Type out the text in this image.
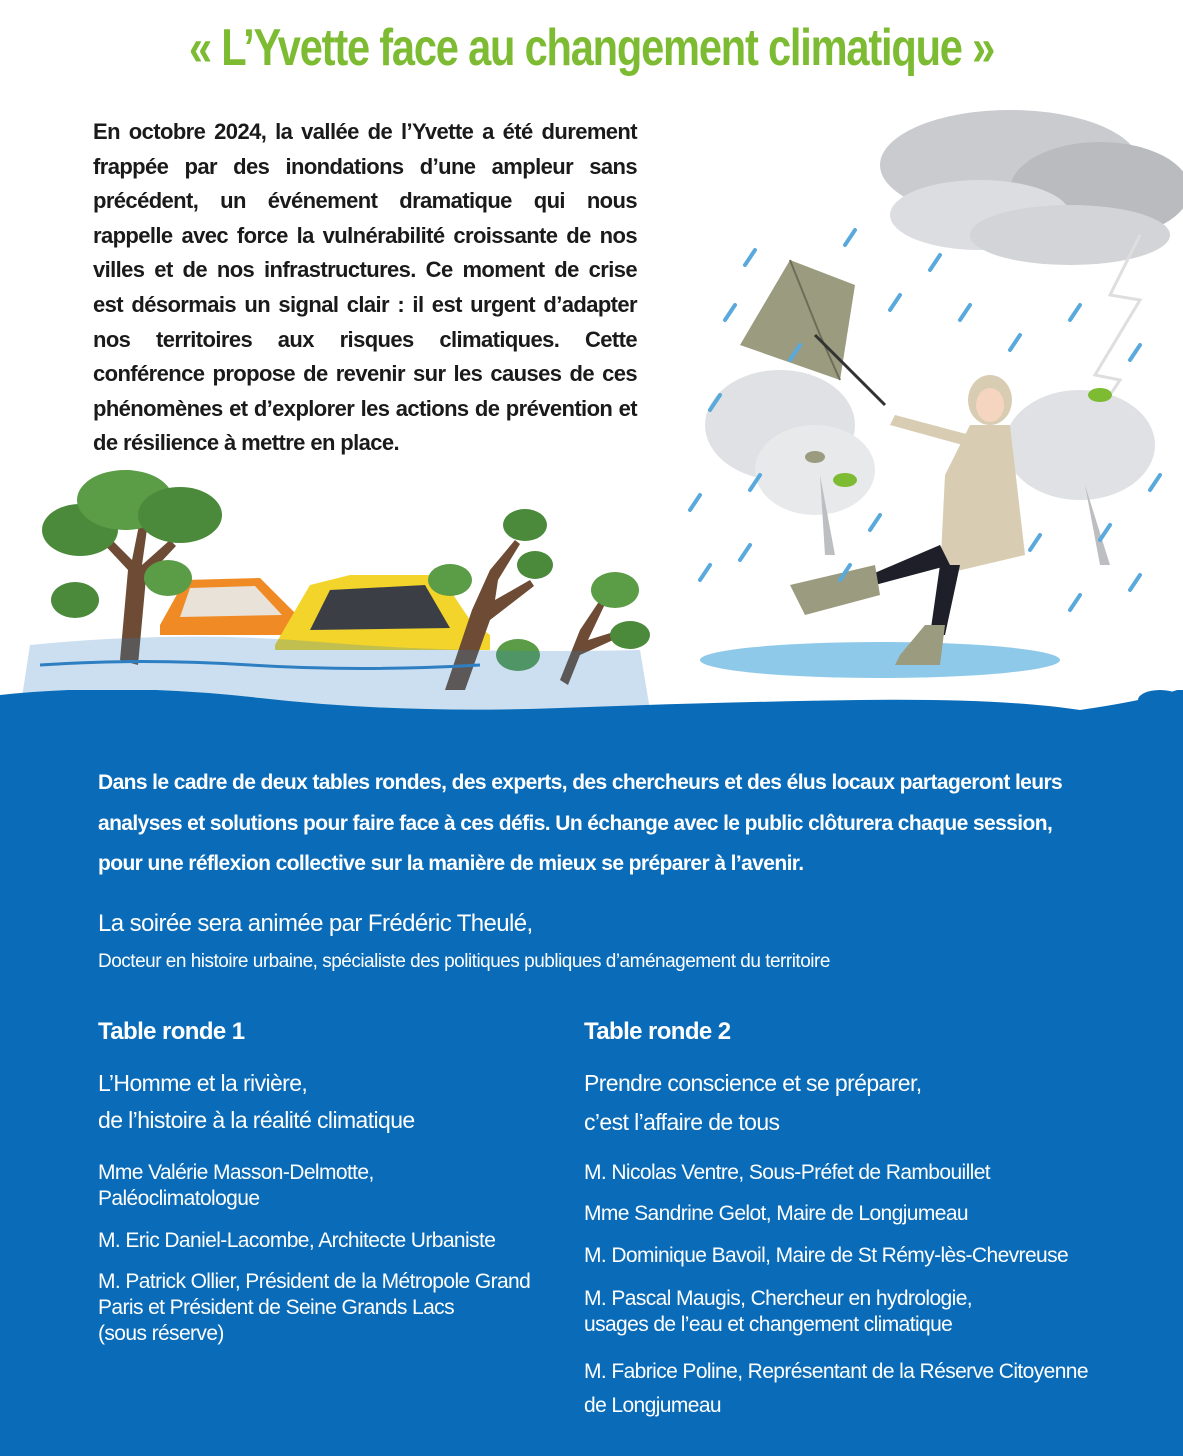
« L’Yvette face au changement climatique »
En octobre 2024, la vallée de l’Yvette a été durement frappée par des inondations d’une ampleur sans précédent, un événement dramatique qui nous rappelle avec force la vulnérabilité croissante de nos villes et de nos infrastructures. Ce moment de crise est désormais un signal clair : il est urgent d’adapter nos territoires aux risques climatiques. Cette conférence propose de revenir sur les causes de ces phénomènes et d’explorer les actions de prévention et de résilience à mettre en place.
Dans le cadre de deux tables rondes, des experts, des chercheurs et des élus locaux partageront leurs analyses et solutions pour faire face à ces défis. Un échange avec le public clôturera chaque session, pour une réflexion collective sur la manière de mieux se préparer à l’avenir.
La soirée sera animée par Frédéric Theulé,
Docteur en histoire urbaine, spécialiste des politiques publiques d’aménagement du territoire
Table ronde 1
L’Homme et la rivière,
de l’histoire à la réalité climatique
Mme Valérie Masson-Delmotte,
Paléoclimatologue
M. Eric Daniel-Lacombe, Architecte Urbaniste
M. Patrick Ollier, Président de la Métropole Grand
Paris et Président de Seine Grands Lacs
(sous réserve)
Table ronde 2
Prendre conscience et se préparer,
c’est l’affaire de tous
M. Nicolas Ventre, Sous-Préfet de Rambouillet
Mme Sandrine Gelot, Maire de Longjumeau
M. Dominique Bavoil, Maire de St Rémy-lès-Chevreuse
M. Pascal Maugis, Chercheur en hydrologie,
usages de l’eau et changement climatique
M. Fabrice Poline, Représentant de la Réserve Citoyenne
de Longjumeau
